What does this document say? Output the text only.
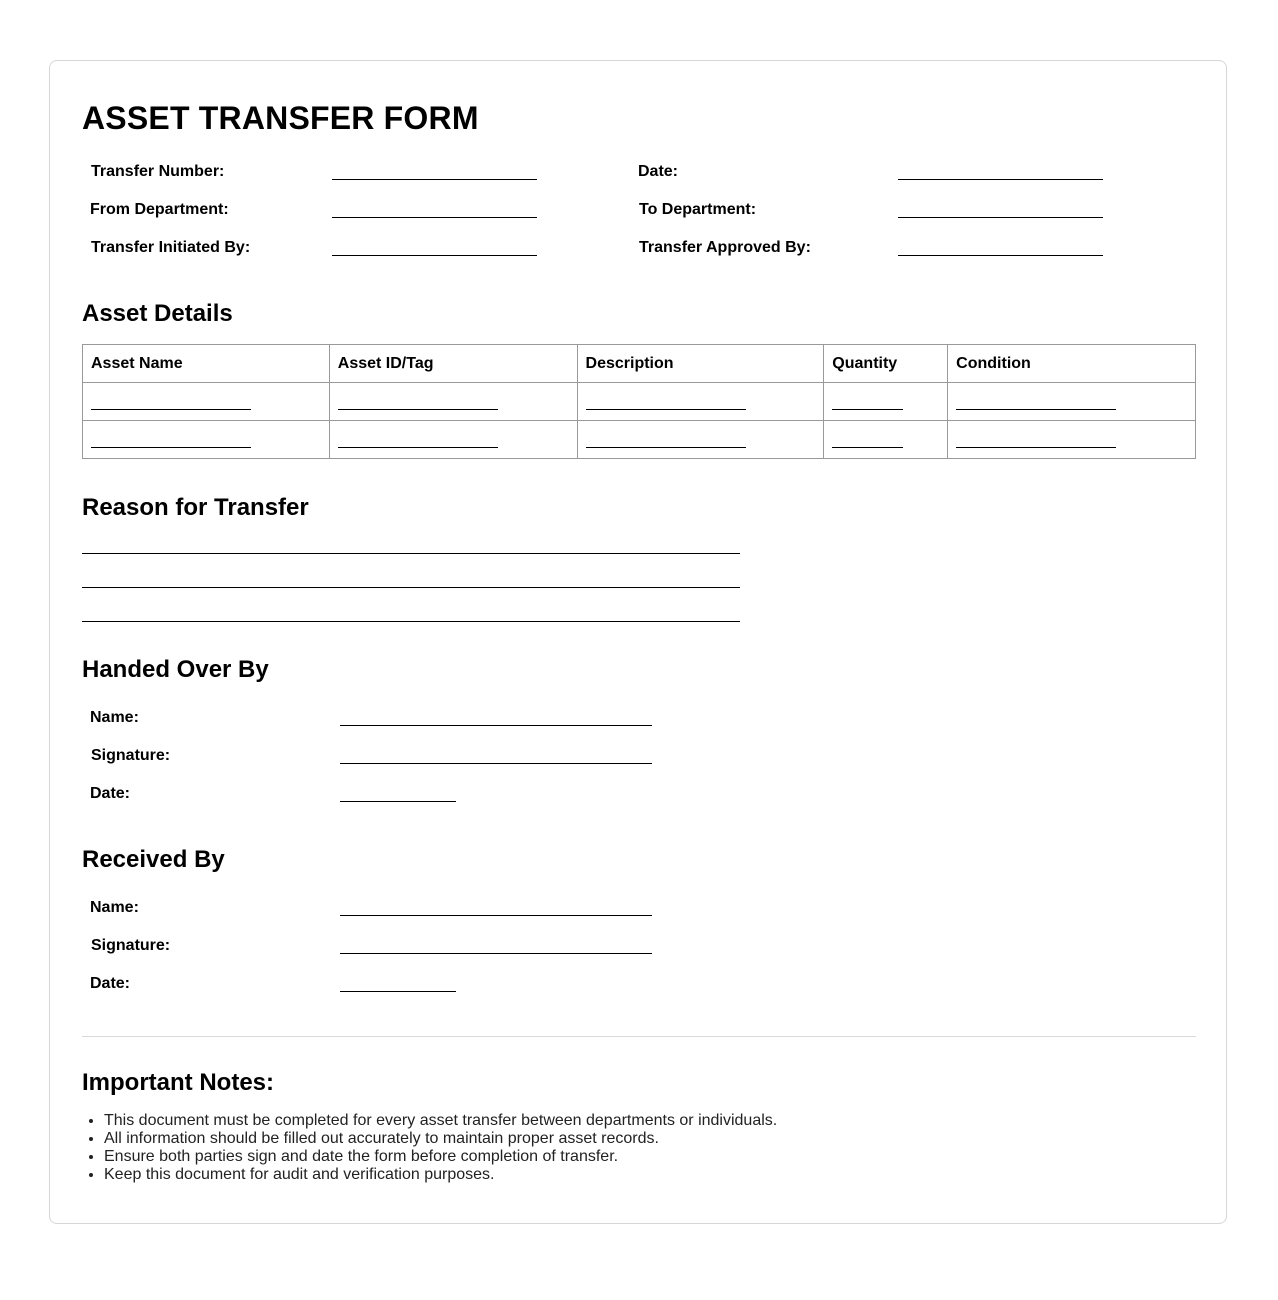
ASSET TRANSFER FORM
Transfer Number:	Date:
From Department:	To Department:
Transfer Initiated By:	Transfer Approved By:
Asset Details
Asset Name	Asset ID/Tag	Description	Quantity	Condition

Reason for Transfer
Handed Over By
Name:
Signature:
Date:
Received By
Name:
Signature:
Date:
Important Notes:
• This document must be completed for every asset transfer between departments or individuals.
• All information should be filled out accurately to maintain proper asset records.
• Ensure both parties sign and date the form before completion of transfer.
• Keep this document for audit and verification purposes.
